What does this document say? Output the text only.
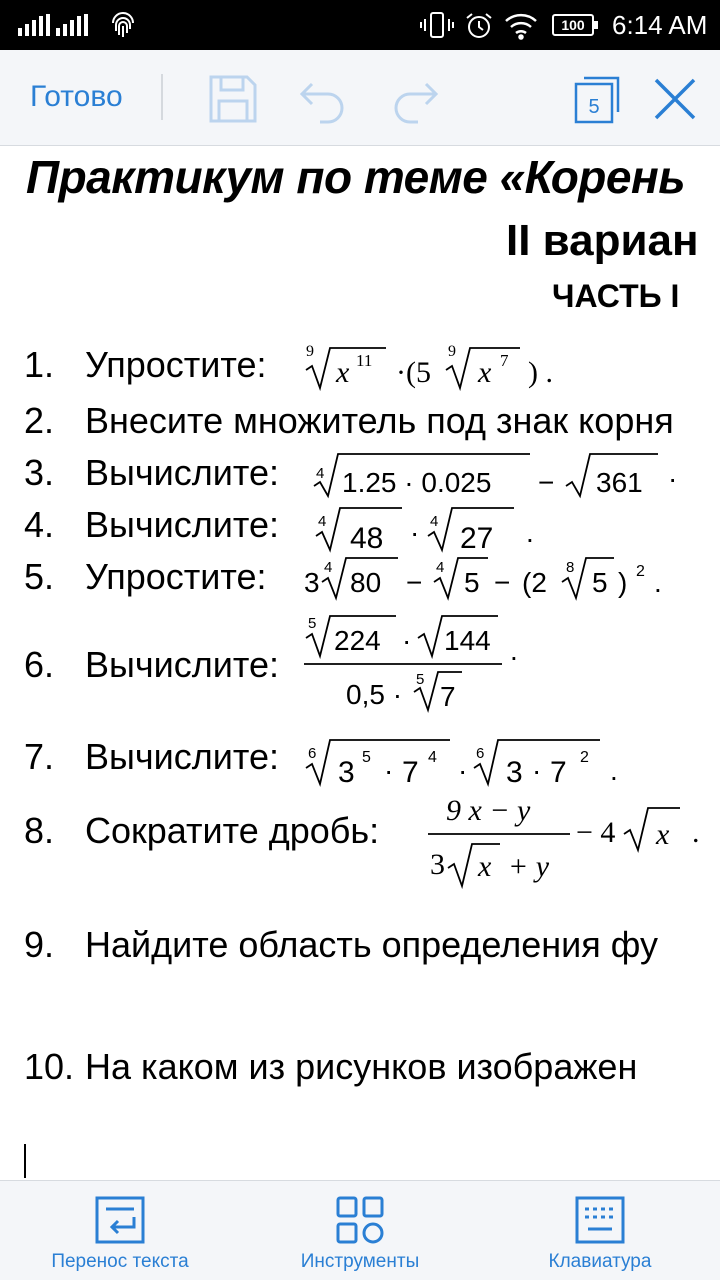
100	6:14 AM
Готово	5
Практикум по теме «Корень
II вариан
ЧАСТЬ I
1. Упростите: 9
x 11 ·(5
9
x 7 ) .
2. Внесите множитель под знак корня
3. Вычислите: 4 1.25 · 0.025 − 361 ·
4. Вычислите:	4
48 · 4
27 .
5. Упростите: 3 4 80 − 4 5 − (2 8 5 ) 2 .
6. Вычислите:
5
224 · 144
0,5 · 5
7
.
7. Вычислите: 6
3 5 · 7 4 ·
6
3 · 7 2 .
8. Сократите дробь: 9 x − y
3 x + y
− 4 x .
9. Найдите область определения фу
10. На каком из рисунков изображен
Перенос текста	Инструменты	Клавиатура
